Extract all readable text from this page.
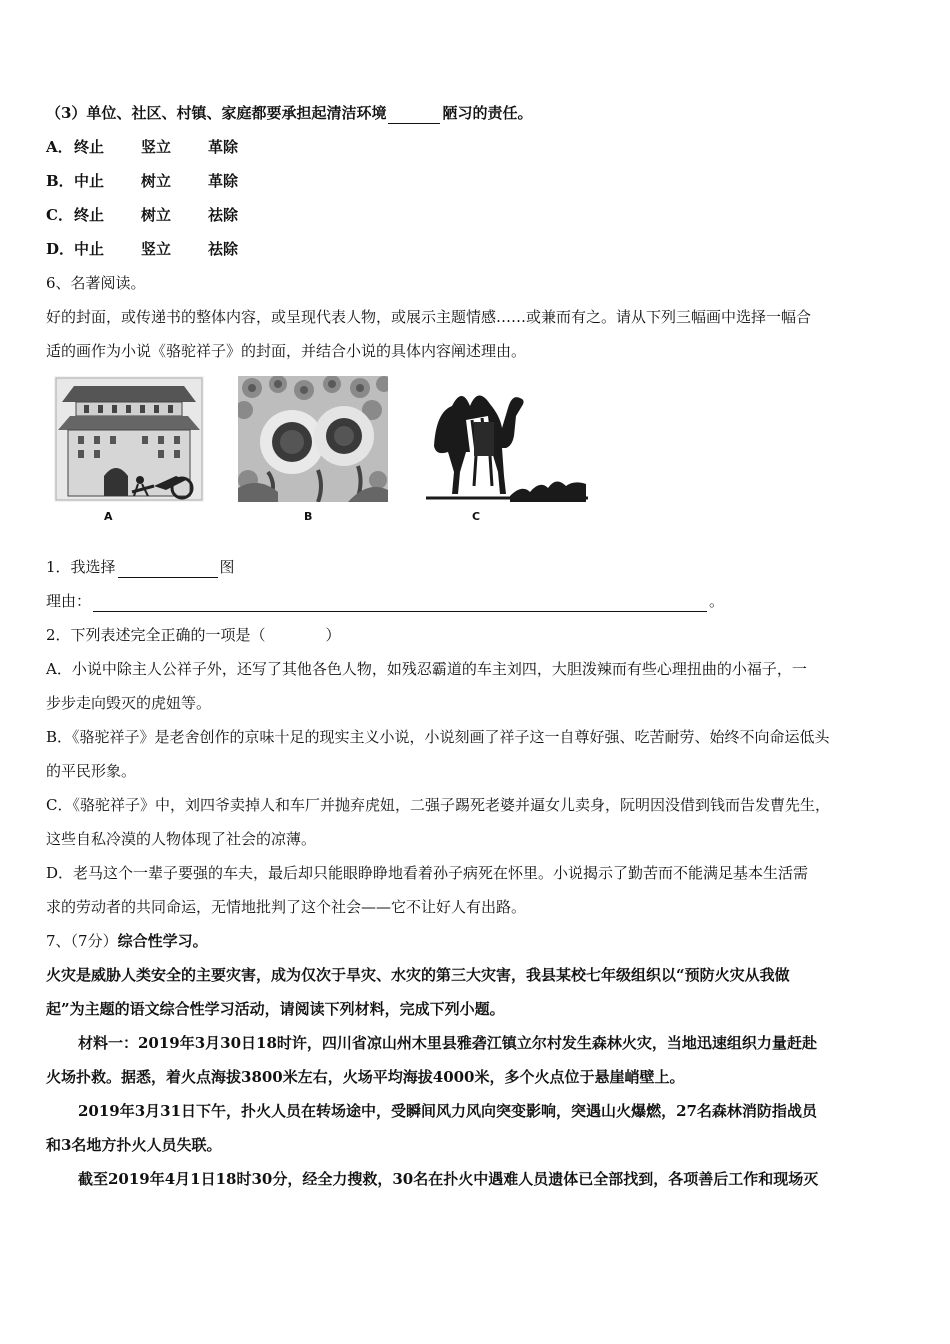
（3）单位、社区、村镇、家庭都要承担起清洁环境	陋习的责任。
A． 终止	竖立	革除
B． 中止	树立	革除
C． 终止	树立	祛除
D． 中止	竖立	祛除
6、名著阅读。
好的封面，或传递书的整体内容，或呈现代表人物，或展示主题情感……或兼而有之。请从下列三幅画中选择一幅合
适的画作为小说《骆驼祥子》的封面，并结合小说的具体内容阐述理由。
A	B	C
1．我选择	图
理由：	。
2．下列表述完全正确的一项是（　　　　）
A．小说中除主人公祥子外，还写了其他各色人物，如残忍霸道的车主刘四，大胆泼辣而有些心理扭曲的小福子，一
步步走向毁灭的虎妞等。
B．《骆驼祥子》是老舍创作的京味十足的现实主义小说，小说刻画了祥子这一自尊好强、吃苦耐劳、始终不向命运低头
的平民形象。
C．《骆驼祥子》中，刘四爷卖掉人和车厂并抛弃虎妞，二强子踢死老婆并逼女儿卖身，阮明因没借到钱而告发曹先生，
这些自私冷漠的人物体现了社会的凉薄。
D．老马这个一辈子要强的车夫，最后却只能眼睁睁地看着孙子病死在怀里。小说揭示了勤苦而不能满足基本生活需
求的劳动者的共同命运，无情地批判了这个社会——它不让好人有出路。
7、（7分）综合性学习。
火灾是威胁人类安全的主要灾害，成为仅次于旱灾、水灾的第三大灾害，我县某校七年级组织以“预防火灾从我做
起”为主题的语文综合性学习活动，请阅读下列材料，完成下列小题。
材料一：2019年3月30日18时许，四川省凉山州木里县雅砻江镇立尔村发生森林火灾，当地迅速组织力量赶赴
火场扑救。据悉，着火点海拔3800米左右，火场平均海拔4000米，多个火点位于悬崖峭壁上。
2019年3月31日下午，扑火人员在转场途中，受瞬间风力风向突变影响，突遇山火爆燃，27名森林消防指战员
和3名地方扑火人员失联。
截至2019年4月1日18时30分，经全力搜救，30名在扑火中遇难人员遗体已全部找到，各项善后工作和现场灭
